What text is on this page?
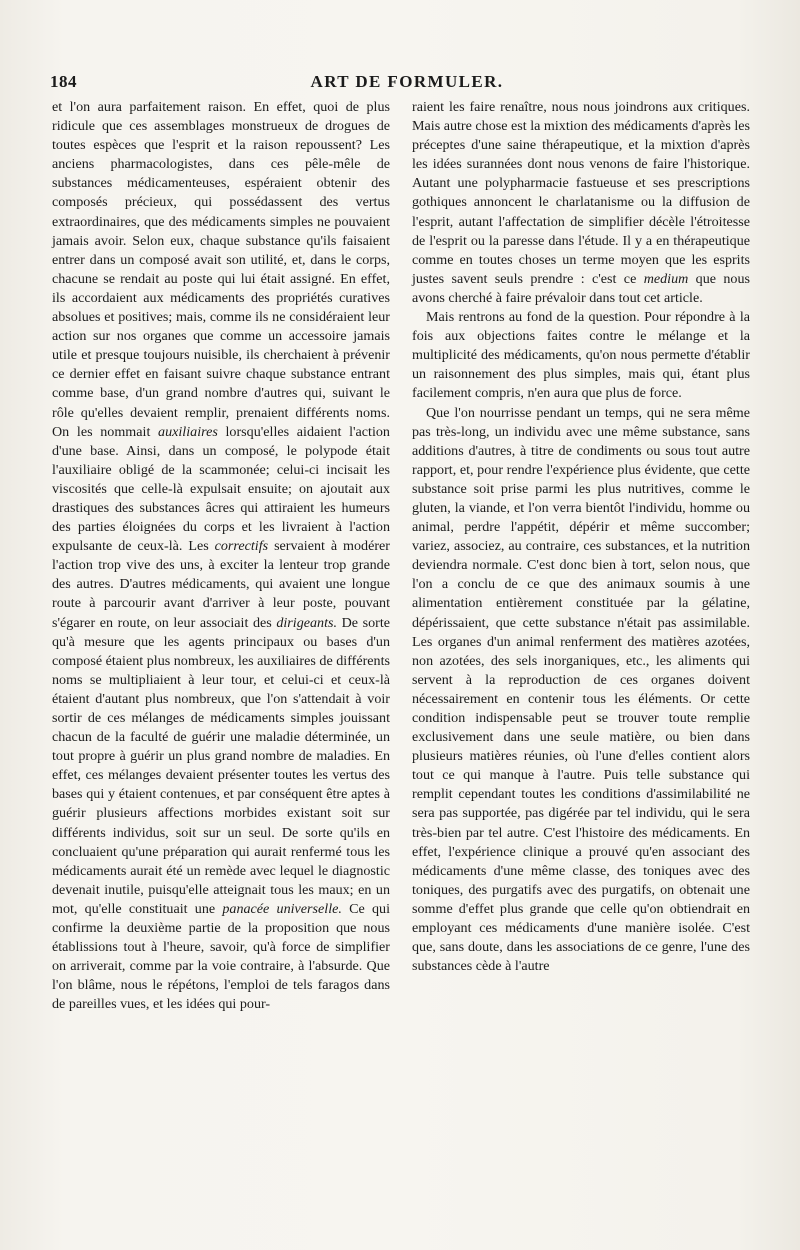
184	ART DE FORMULER.

et l'on aura parfaitement raison. En effet, quoi de plus ridicule que ces assemblages monstrueux de drogues de toutes espèces que l'esprit et la raison repoussent? Les anciens pharmacologistes, dans ces pêle-mêle de substances médicamenteuses, espéraient obtenir des composés précieux, qui possédassent des vertus extraordinaires, que des médicaments simples ne pouvaient jamais avoir. Selon eux, chaque substance qu'ils faisaient entrer dans un composé avait son utilité, et, dans le corps, chacune se rendait au poste qui lui était assigné. En effet, ils accordaient aux médicaments des propriétés curatives absolues et positives; mais, comme ils ne considéraient leur action sur nos organes que comme un accessoire jamais utile et presque toujours nuisible, ils cherchaient à prévenir ce dernier effet en faisant suivre chaque substance entrant comme base, d'un grand nombre d'autres qui, suivant le rôle qu'elles devaient remplir, prenaient différents noms. On les nommait auxiliaires lorsqu'elles aidaient l'action d'une base. Ainsi, dans un composé, le polypode était l'auxiliaire obligé de la scammonée; celui-ci incisait les viscosités que celle-là expulsait ensuite; on ajoutait aux drastiques des substances âcres qui attiraient les humeurs des parties éloignées du corps et les livraient à l'action expulsante de ceux-là. Les correctifs servaient à modérer l'action trop vive des uns, à exciter la lenteur trop grande des autres. D'autres médicaments, qui avaient une longue route à parcourir avant d'arriver à leur poste, pouvant s'égarer en route, on leur associait des dirigeants. De sorte qu'à mesure que les agents principaux ou bases d'un composé étaient plus nombreux, les auxiliaires de différents noms se multipliaient à leur tour, et celui-ci et ceux-là étaient d'autant plus nombreux, que l'on s'attendait à voir sortir de ces mélanges de médicaments simples jouissant chacun de la faculté de guérir une maladie déterminée, un tout propre à guérir un plus grand nombre de maladies. En effet, ces mélanges devaient présenter toutes les vertus des bases qui y étaient contenues, et par conséquent être aptes à guérir plusieurs affections morbides existant soit sur différents individus, soit sur un seul. De sorte qu'ils en concluaient qu'une préparation qui aurait renfermé tous les médicaments aurait été un remède avec lequel le diagnostic devenait inutile, puisqu'elle atteignait tous les maux; en un mot, qu'elle constituait une panacée universelle. Ce qui confirme la deuxième partie de la proposition que nous établissions tout à l'heure, savoir, qu'à force de simplifier on arriverait, comme par la voie contraire, à l'absurde. Que l'on blâme, nous le répétons, l'emploi de tels faragos dans de pareilles vues, et les idées qui pour-

raient les faire renaître, nous nous joindrons aux critiques. Mais autre chose est la mixtion des médicaments d'après les préceptes d'une saine thérapeutique, et la mixtion d'après les idées surannées dont nous venons de faire l'historique. Autant une polypharmacie fastueuse et ses prescriptions gothiques annoncent le charlatanisme ou la diffusion de l'esprit, autant l'affectation de simplifier décèle l'étroitesse de l'esprit ou la paresse dans l'étude. Il y a en thérapeutique comme en toutes choses un terme moyen que les esprits justes savent seuls prendre : c'est ce medium que nous avons cherché à faire prévaloir dans tout cet article.

Mais rentrons au fond de la question. Pour répondre à la fois aux objections faites contre le mélange et la multiplicité des médicaments, qu'on nous permette d'établir un raisonnement des plus simples, mais qui, étant plus facilement compris, n'en aura que plus de force.

Que l'on nourrisse pendant un temps, qui ne sera même pas très-long, un individu avec une même substance, sans additions d'autres, à titre de condiments ou sous tout autre rapport, et, pour rendre l'expérience plus évidente, que cette substance soit prise parmi les plus nutritives, comme le gluten, la viande, et l'on verra bientôt l'individu, homme ou animal, perdre l'appétit, dépérir et même succomber; variez, associez, au contraire, ces substances, et la nutrition deviendra normale. C'est donc bien à tort, selon nous, que l'on a conclu de ce que des animaux soumis à une alimentation entièrement constituée par la gélatine, dépérissaient, que cette substance n'était pas assimilable. Les organes d'un animal renferment des matières azotées, non azotées, des sels inorganiques, etc., les aliments qui servent à la reproduction de ces organes doivent nécessairement en contenir tous les éléments. Or cette condition indispensable peut se trouver toute remplie exclusivement dans une seule matière, ou bien dans plusieurs matières réunies, où l'une d'elles contient alors tout ce qui manque à l'autre. Puis telle substance qui remplit cependant toutes les conditions d'assimilabilité ne sera pas supportée, pas digérée par tel individu, qui le sera très-bien par tel autre. C'est l'histoire des médicaments. En effet, l'expérience clinique a prouvé qu'en associant des médicaments d'une même classe, des toniques avec des toniques, des purgatifs avec des purgatifs, on obtenait une somme d'effet plus grande que celle qu'on obtiendrait en employant ces médicaments d'une manière isolée. C'est que, sans doute, dans les associations de ce genre, l'une des substances cède à l'autre
